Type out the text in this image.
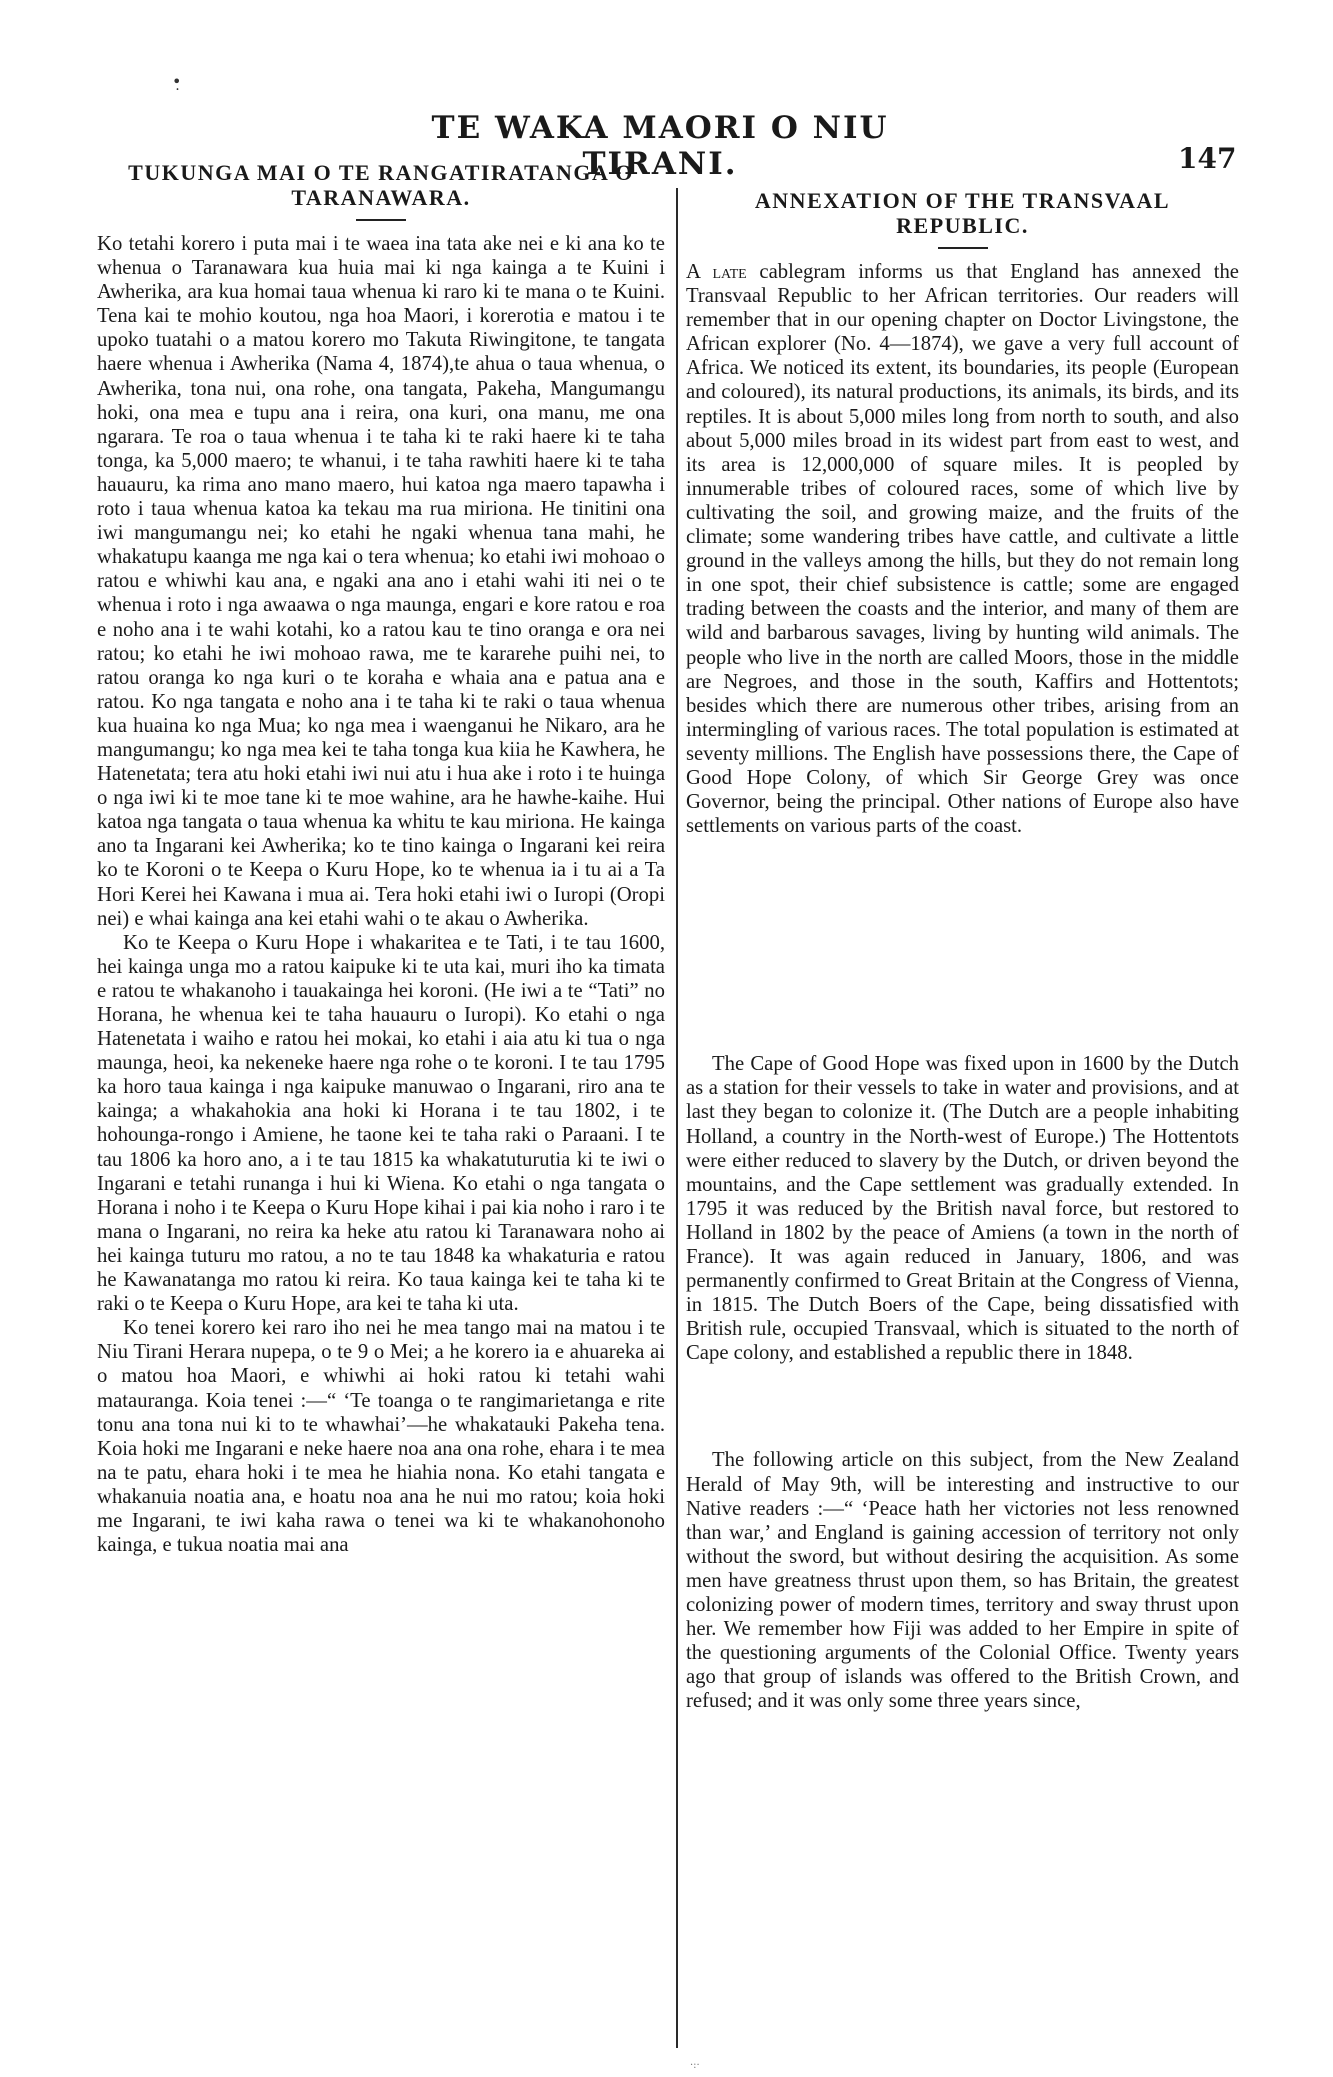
•̣
TE WAKA MAORI O NIU TIRANI.	147
TUKUNGA MAI O TE RANGATIRATANGA O TARANAWARA.

Ko tetahi korero i puta mai i te waea ina tata ake nei e ki ana ko te whenua o Taranawara kua huia mai ki nga kainga a te Kuini i Awherika, ara kua homai taua whenua ki raro ki te mana o te Kuini. Tena kai te mohio koutou, nga hoa Maori, i korerotia e matou i te upoko tuatahi o a matou korero mo Takuta Riwingitone, te tangata haere whenua i Awherika (Nama 4, 1874),te ahua o taua whenua, o Awherika, tona nui, ona rohe, ona tangata, Pakeha, Mangumangu hoki, ona mea e tupu ana i reira, ona kuri, ona manu, me ona ngarara. Te roa o taua whenua i te taha ki te raki haere ki te taha tonga, ka 5,000 maero; te whanui, i te taha rawhiti haere ki te taha hauauru, ka rima ano mano maero, hui katoa nga maero tapawha i roto i taua whenua katoa ka tekau ma rua miriona. He tinitini ona iwi mangumangu nei; ko etahi he ngaki whenua tana mahi, he whakatupu kaanga me nga kai o tera whenua; ko etahi iwi mohoao o ratou e whiwhi kau ana, e ngaki ana ano i etahi wahi iti nei o te whenua i roto i nga awaawa o nga maunga, engari e kore ratou e roa e noho ana i te wahi kotahi, ko a ratou kau te tino oranga e ora nei ratou; ko etahi he iwi mohoao rawa, me te kararehe puihi nei, to ratou oranga ko nga kuri o te koraha e whaia ana e patua ana e ratou. Ko nga tangata e noho ana i te taha ki te raki o taua whenua kua huaina ko nga Mua; ko nga mea i waenganui he Nikaro, ara he mangumangu; ko nga mea kei te taha tonga kua kiia he Kawhera, he Hatenetata; tera atu hoki etahi iwi nui atu i hua ake i roto i te huinga o nga iwi ki te moe tane ki te moe wahine, ara he hawhe-kaihe. Hui katoa nga tangata o taua whenua ka whitu te kau miriona. He kainga ano ta Ingarani kei Awherika; ko te tino kainga o Ingarani kei reira ko te Koroni o te Keepa o Kuru Hope, ko te whenua ia i tu ai a Ta Hori Kerei hei Kawana i mua ai. Tera hoki etahi iwi o Iuropi (Oropi nei) e whai kainga ana kei etahi wahi o te akau o Awherika.

Ko te Keepa o Kuru Hope i whakaritea e te Tati, i te tau 1600, hei kainga unga mo a ratou kaipuke ki te uta kai, muri iho ka timata e ratou te whakanoho i tauakainga hei koroni. (He iwi a te “Tati” no Horana, he whenua kei te taha hauauru o Iuropi). Ko etahi o nga Hatenetata i waiho e ratou hei mokai, ko etahi i aia atu ki tua o nga maunga, heoi, ka nekeneke haere nga rohe o te koroni. I te tau 1795 ka horo taua kainga i nga kaipuke manuwao o Ingarani, riro ana te kainga; a whakahokia ana hoki ki Horana i te tau 1802, i te hohounga-rongo i Amiene, he taone kei te taha raki o Paraani. I te tau 1806 ka horo ano, a i te tau 1815 ka whakatuturutia ki te iwi o Ingarani e tetahi runanga i hui ki Wiena. Ko etahi o nga tangata o Horana i noho i te Keepa o Kuru Hope kihai i pai kia noho i raro i te mana o Ingarani, no reira ka heke atu ratou ki Taranawara noho ai hei kainga tuturu mo ratou, a no te tau 1848 ka whakaturia e ratou he Kawanatanga mo ratou ki reira. Ko taua kainga kei te taha ki te raki o te Keepa o Kuru Hope, ara kei te taha ki uta.

Ko tenei korero kei raro iho nei he mea tango mai na matou i te Niu Tirani Herara nupepa, o te 9 o Mei; a he korero ia e ahuareka ai o matou hoa Maori, e whiwhi ai hoki ratou ki tetahi wahi matauranga. Koia tenei :—“ ‘Te toanga o te rangimarietanga e rite tonu ana tona nui ki to te whawhai’—he whakatauki Pakeha tena. Koia hoki me Ingarani e neke haere noa ana ona rohe, ehara i te mea na te patu, ehara hoki i te mea he hiahia nona. Ko etahi tangata e whakanuia noatia ana, e hoatu noa ana he nui mo ratou; koia hoki me Ingarani, te iwi kaha rawa o tenei wa ki te whakanohonoho kainga, e tukua noatia mai ana

ANNEXATION OF THE TRANSVAAL REPUBLIC.

A late cablegram informs us that England has annexed the Transvaal Republic to her African territories. Our readers will remember that in our opening chapter on Doctor Livingstone, the African explorer (No. 4—1874), we gave a very full account of Africa. We noticed its extent, its boundaries, its people (European and coloured), its natural productions, its animals, its birds, and its reptiles. It is about 5,000 miles long from north to south, and also about 5,000 miles broad in its widest part from east to west, and its area is 12,000,000 of square miles. It is peopled by innumerable tribes of coloured races, some of which live by cultivating the soil, and growing maize, and the fruits of the climate; some wandering tribes have cattle, and cultivate a little ground in the valleys among the hills, but they do not remain long in one spot, their chief subsistence is cattle; some are engaged trading between the coasts and the interior, and many of them are wild and barbarous savages, living by hunting wild animals. The people who live in the north are called Moors, those in the middle are Negroes, and those in the south, Kaffirs and Hottentots; besides which there are numerous other tribes, arising from an intermingling of various races. The total population is estimated at seventy millions. The English have possessions there, the Cape of Good Hope Colony, of which Sir George Grey was once Governor, being the principal. Other nations of Europe also have settlements on various parts of the coast.

The Cape of Good Hope was fixed upon in 1600 by the Dutch as a station for their vessels to take in water and provisions, and at last they began to colonize it. (The Dutch are a people inhabiting Holland, a country in the North-west of Europe.) The Hottentots were either reduced to slavery by the Dutch, or driven beyond the mountains, and the Cape settlement was gradually extended. In 1795 it was reduced by the British naval force, but restored to Holland in 1802 by the peace of Amiens (a town in the north of France). It was again reduced in January, 1806, and was permanently confirmed to Great Britain at the Congress of Vienna, in 1815. The Dutch Boers of the Cape, being dissatisfied with British rule, occupied Transvaal, which is situated to the north of Cape colony, and established a republic there in 1848.

The following article on this subject, from the New Zealand Herald of May 9th, will be interesting and instructive to our Native readers :—“ ‘Peace hath her victories not less renowned than war,’ and England is gaining accession of territory not only without the sword, but without desiring the acquisition. As some men have greatness thrust upon them, so has Britain, the greatest colonizing power of modern times, territory and sway thrust upon her. We remember how Fiji was added to her Empire in spite of the questioning arguments of the Colonial Office. Twenty years ago that group of islands was offered to the British Crown, and refused; and it was only some three years since,

·:·
